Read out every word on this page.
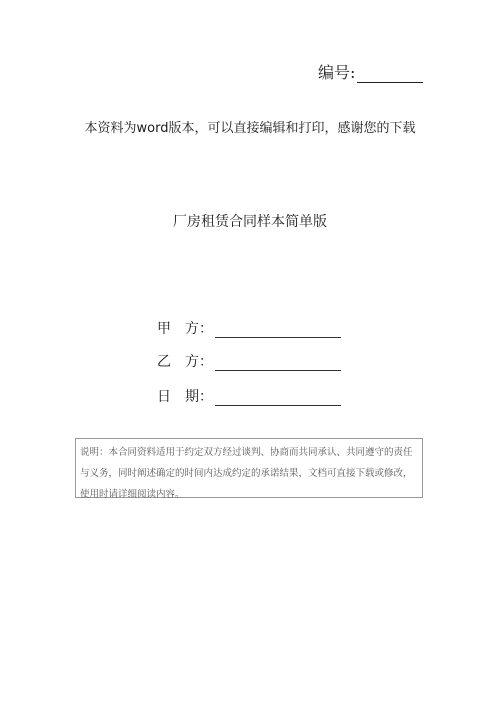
编号:
本资料为word版本，可以直接编辑和打印，感谢您的下载
厂房租赁合同样本简单版
甲　方：
乙　方：
日　期：
说明：本合同资料适用于约定双方经过谈判、协商而共同承认、共同遵守的责任与义务，同时阐述确定的时间内达成约定的承诺结果，文档可直接下载或修改，使用时请详细阅读内容。
